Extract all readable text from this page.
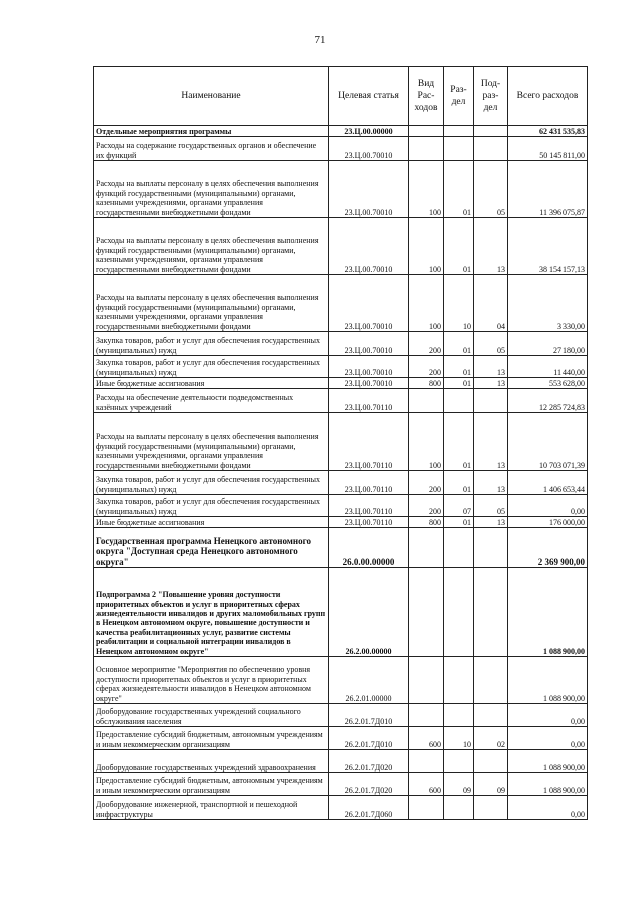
71
Наименование	Целевая статья	Вид Рас-ходов	Раз-дел	Под-раз-дел	Всего расходов
Отдельные мероприятия программы	23.Ц.00.00000				62 431 535,83
Расходы на содержание государственных органов и обеспечение их функций	23.Ц.00.70010				50 145 811,00
Расходы на выплаты персоналу в целях обеспечения выполнения функций государственными (муниципальными) органами, казенными учреждениями, органами управления государственными внебюджетными фондами	23.Ц.00.70010	100	01	05	11 396 075,87
Расходы на выплаты персоналу в целях обеспечения выполнения функций государственными (муниципальными) органами, казенными учреждениями, органами управления государственными внебюджетными фондами	23.Ц.00.70010	100	01	13	38 154 157,13
Расходы на выплаты персоналу в целях обеспечения выполнения функций государственными (муниципальными) органами, казенными учреждениями, органами управления государственными внебюджетными фондами	23.Ц.00.70010	100	10	04	3 330,00
Закупка товаров, работ и услуг для обеспечения государственных (муниципальных) нужд	23.Ц.00.70010	200	01	05	27 180,00
Закупка товаров, работ и услуг для обеспечения государственных (муниципальных) нужд	23.Ц.00.70010	200	01	13	11 440,00
Иные бюджетные ассигнования	23.Ц.00.70010	800	01	13	553 628,00
Расходы на обеспечение деятельности подведомственных казённых учреждений	23.Ц.00.70110				12 285 724,83
Расходы на выплаты персоналу в целях обеспечения выполнения функций государственными (муниципальными) органами, казенными учреждениями, органами управления государственными внебюджетными фондами	23.Ц.00.70110	100	01	13	10 703 071,39
Закупка товаров, работ и услуг для обеспечения государственных (муниципальных) нужд	23.Ц.00.70110	200	01	13	1 406 653,44
Закупка товаров, работ и услуг для обеспечения государственных (муниципальных) нужд	23.Ц.00.70110	200	07	05	0,00
Иные бюджетные ассигнования	23.Ц.00.70110	800	01	13	176 000,00
Государственная программа Ненецкого автономного округа "Доступная среда Ненецкого автономного округа"	26.0.00.00000				2 369 900,00
Подпрограмма 2 "Повышение уровня доступности приоритетных объектов и услуг в приоритетных сферах жизнедеятельности инвалидов и других маломобильных групп в Ненецком автономном округе, повышение доступности и качества реабилитационных услуг, развитие системы реабилитации и социальной интеграции инвалидов в Ненецком автономном округе"	26.2.00.00000				1 088 900,00
Основное мероприятие "Мероприятия по обеспечению уровня доступности приоритетных объектов и услуг в приоритетных сферах жизнедеятельности инвалидов в Ненецком автономном округе"	26.2.01.00000				1 088 900,00
Дооборудование государственных учреждений социального обслуживания населения	26.2.01.7Д010				0,00
Предоставление субсидий бюджетным, автономным учреждениям и иным некоммерческим организациям	26.2.01.7Д010	600	10	02	0,00
Дооборудование государственных учреждений здравоохранения	26.2.01.7Д020				1 088 900,00
Предоставление субсидий бюджетным, автономным учреждениям и иным некоммерческим организациям	26.2.01.7Д020	600	09	09	1 088 900,00
Дооборудование инженерной, транспортной и пешеходной инфраструктуры	26.2.01.7Д060				0,00
